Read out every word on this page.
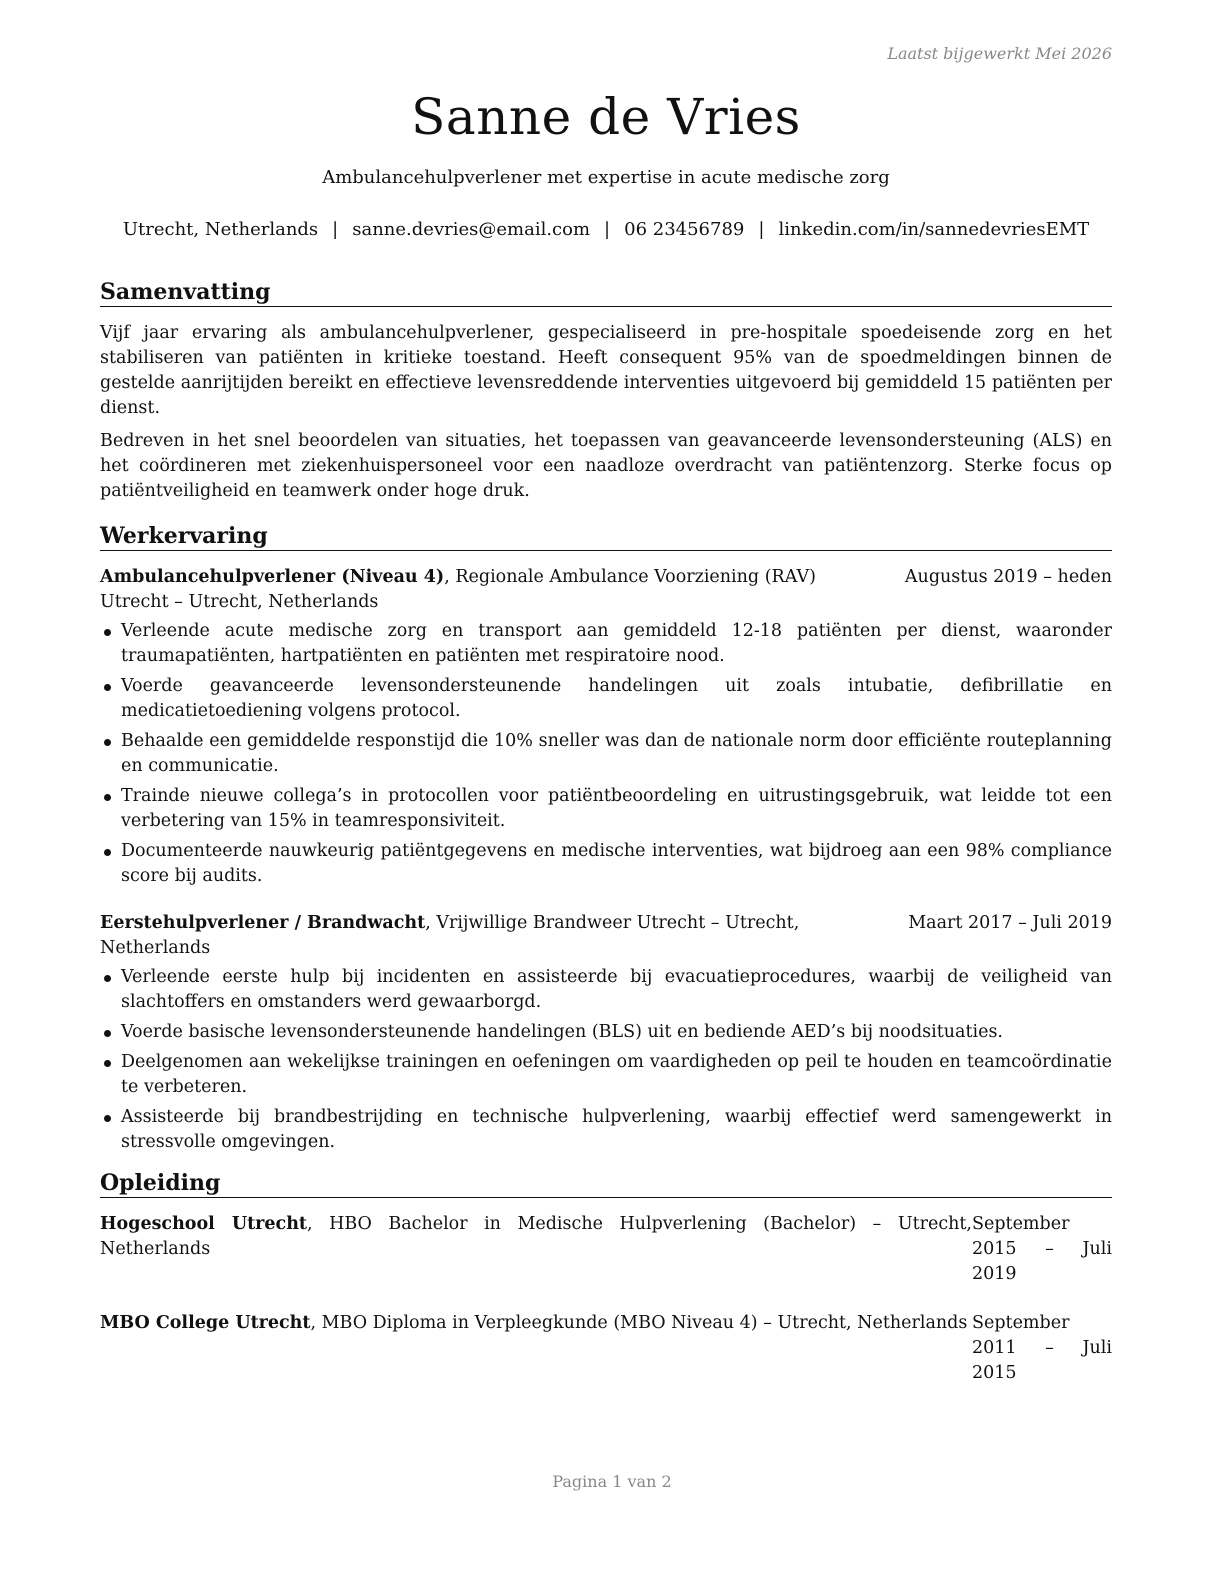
Laatst bijgewerkt Mei 2026
Sanne de Vries
Ambulancehulpverlener met expertise in acute medische zorg
Utrecht, Netherlands | sanne.devries@email.com | 06 23456789 | linkedin.com/in/sannedevriesEMT
Samenvatting

Vijf jaar ervaring als ambulancehulpverlener, gespecialiseerd in pre-hospitale spoedeisende zorg en het stabiliseren van patiënten in kritieke toestand. Heeft consequent 95% van de spoedmeldingen binnen de gestelde aanrijtijden bereikt en effectieve levensreddende interventies uitgevoerd bij gemiddeld 15 patiënten per dienst.

Bedreven in het snel beoordelen van situaties, het toepassen van geavanceerde levensondersteuning (ALS) en het coördineren met ziekenhuispersoneel voor een naadloze overdracht van patiëntenzorg. Sterke focus op patiëntveiligheid en teamwerk onder hoge druk.

Werkervaring
Ambulancehulpverlener (Niveau 4), Regionale Ambulance Voorziening (RAV) Utrecht – Utrecht, Netherlands
Augustus 2019 – heden
Verleende acute medische zorg en transport aan gemiddeld 12-18 patiënten per dienst, waaronder traumapatiënten, hartpatiënten en patiënten met respiratoire nood.
Voerde geavanceerde levensondersteunende handelingen uit zoals intubatie, defibrillatie en medicatietoediening volgens protocol.
Behaalde een gemiddelde responstijd die 10% sneller was dan de nationale norm door efficiënte routeplanning en communicatie.
Trainde nieuwe collega’s in protocollen voor patiëntbeoordeling en uitrustingsgebruik, wat leidde tot een verbetering van 15% in teamresponsiviteit.
Documenteerde nauwkeurig patiëntgegevens en medische interventies, wat bijdroeg aan een 98% compliance score bij audits.
Eerstehulpverlener / Brandwacht, Vrijwillige Brandweer Utrecht – Utrecht, Netherlands
Maart 2017 – Juli 2019
Verleende eerste hulp bij incidenten en assisteerde bij evacuatieprocedures, waarbij de veiligheid van slachtoffers en omstanders werd gewaarborgd.
Voerde basische levensondersteunende handelingen (BLS) uit en bediende AED’s bij noodsituaties.
Deelgenomen aan wekelijkse trainingen en oefeningen om vaardigheden op peil te houden en teamcoördinatie te verbeteren.
Assisteerde bij brandbestrijding en technische hulpverlening, waarbij effectief werd samengewerkt in stressvolle omgevingen.
Opleiding
Hogeschool Utrecht, HBO Bachelor in Medische Hulpverlening (Bachelor) – Utrecht, Netherlands
September 2015 – Juli 2019
MBO College Utrecht, MBO Diploma in Verpleegkunde (MBO Niveau 4) – Utrecht, Netherlands September 2011 – Juli 2015
Pagina 1 van 2
